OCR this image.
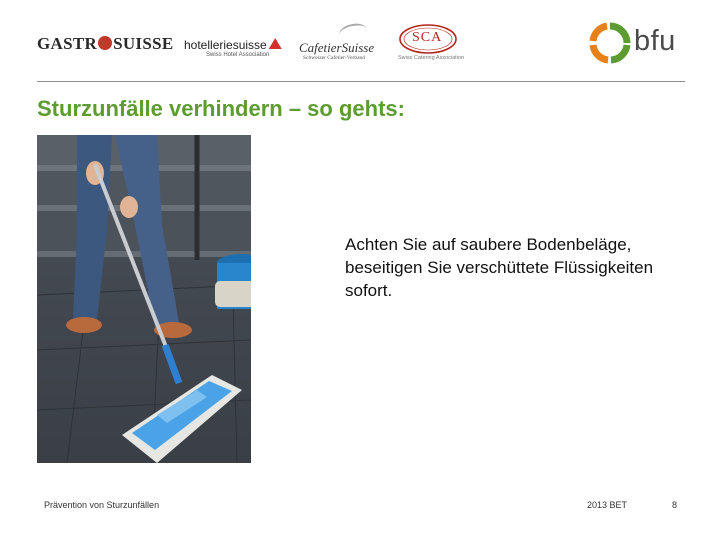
GASTR SUISSE hotelleriesuisse
Swiss Hotel Association CafetierSuisse
Schweizer Cafetier-Verband
SCA
Swiss Catering Association
bfu
Sturzunfälle verhindern – so gehts:
Achten Sie auf saubere Bodenbeläge, beseitigen Sie verschüttete Flüssigkeiten sofort.
Prävention von Sturzunfällen	2013 BET	8
